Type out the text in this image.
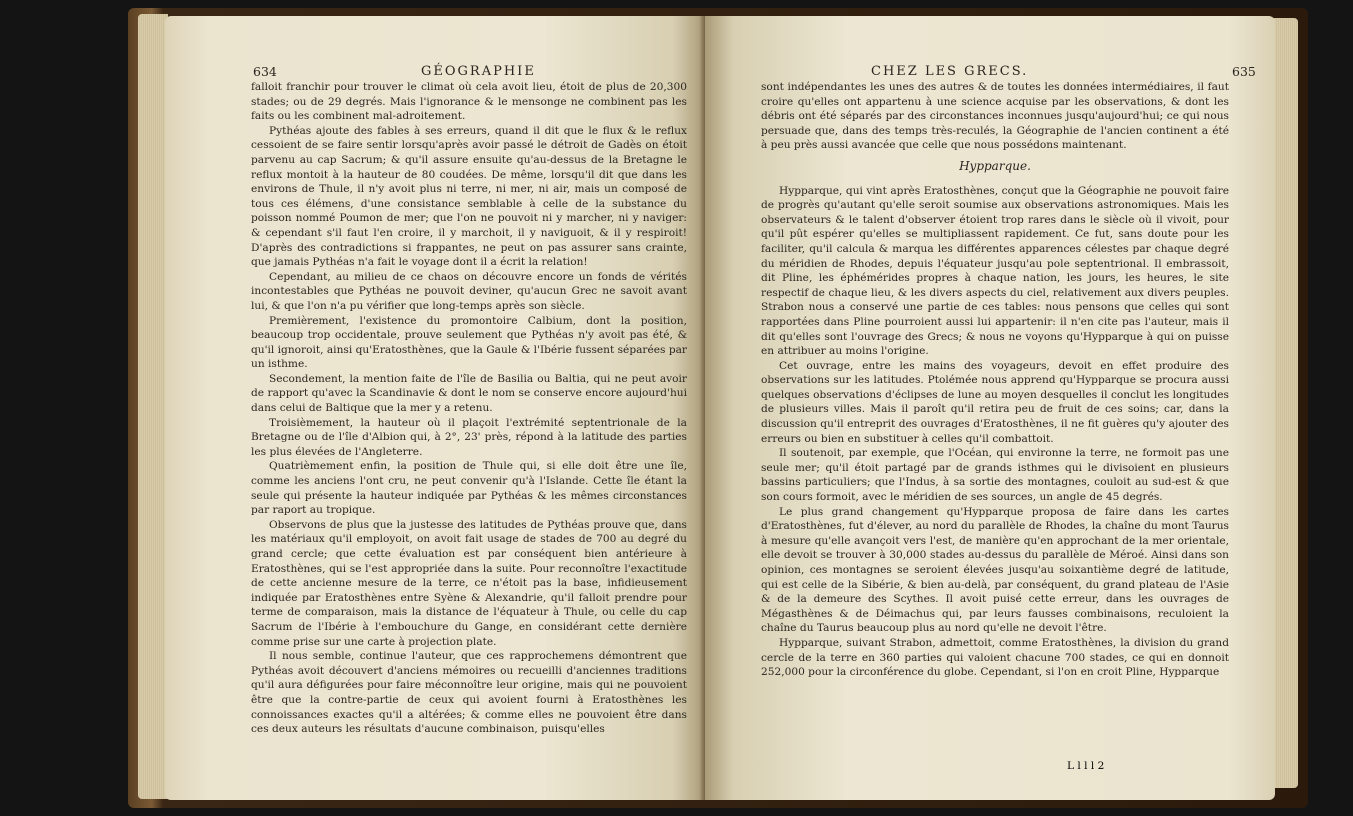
634	GÉOGRAPHIE

falloit franchir pour trouver le climat où cela avoit lieu, étoit de plus de 20,300 stades; ou de 29 degrés. Mais l'ignorance & le mensonge ne combinent pas les faits ou les combinent mal-adroitement.

Pythéas ajoute des fables à ses erreurs, quand il dit que le flux & le reflux cessoient de se faire sentir lorsqu'après avoir passé le détroit de Gadès on étoit parvenu au cap Sacrum; & qu'il assure ensuite qu'au-dessus de la Bretagne le reflux montoit à la hauteur de 80 coudées. De même, lorsqu'il dit que dans les environs de Thule, il n'y avoit plus ni terre, ni mer, ni air, mais un composé de tous ces élémens, d'une consistance semblable à celle de la substance du poisson nommé Poumon de mer; que l'on ne pouvoit ni y marcher, ni y naviger: & cependant s'il faut l'en croire, il y marchoit, il y naviguoit, & il y respiroit! D'après des contradictions si frappantes, ne peut on pas assurer sans crainte, que jamais Pythéas n'a fait le voyage dont il a écrit la relation!

Cependant, au milieu de ce chaos on découvre encore un fonds de vérités incontestables que Pythéas ne pouvoit deviner, qu'aucun Grec ne savoit avant lui, & que l'on n'a pu vérifier que long-temps après son siècle.

Premièrement, l'existence du promontoire Calbium, dont la position, beaucoup trop occidentale, prouve seulement que Pythéas n'y avoit pas été, & qu'il ignoroit, ainsi qu'Eratosthènes, que la Gaule & l'Ibérie fussent séparées par un isthme.

Secondement, la mention faite de l'île de Basilia ou Baltia, qui ne peut avoir de rapport qu'avec la Scandinavie & dont le nom se conserve encore aujourd'hui dans celui de Baltique que la mer y a retenu.

Troisièmement, la hauteur où il plaçoit l'extrémité septentrionale de la Bretagne ou de l'île d'Albion qui, à 2°, 23' près, répond à la latitude des parties les plus élevées de l'Angleterre.

Quatrièmement enfin, la position de Thule qui, si elle doit être une île, comme les anciens l'ont cru, ne peut convenir qu'à l'Islande. Cette île étant la seule qui présente la hauteur indiquée par Pythéas & les mêmes circonstances par raport au tropique.

Observons de plus que la justesse des latitudes de Pythéas prouve que, dans les matériaux qu'il employoit, on avoit fait usage de stades de 700 au degré du grand cercle; que cette évaluation est par conséquent bien antérieure à Eratosthènes, qui se l'est appropriée dans la suite. Pour reconnoître l'exactitude de cette ancienne mesure de la terre, ce n'étoit pas la base, infidieusement indiquée par Eratosthènes entre Syène & Alexandrie, qu'il falloit prendre pour terme de comparaison, mais la distance de l'équateur à Thule, ou celle du cap Sacrum de l'Ibérie à l'embouchure du Gange, en considérant cette dernière comme prise sur une carte à projection plate.

Il nous semble, continue l'auteur, que ces rapprochemens démontrent que Pythéas avoit découvert d'anciens mémoires ou recueilli d'anciennes traditions qu'il aura défigurées pour faire méconnoître leur origine, mais qui ne pouvoient être que la contre-partie de ceux qui avoient fourni à Eratosthènes les connoissances exactes qu'il a altérées; & comme elles ne pouvoient être dans ces deux auteurs les résultats d'aucune combinaison, puisqu'elles

CHEZ LES GRECS.	635

sont indépendantes les unes des autres & de toutes les données intermédiaires, il faut croire qu'elles ont appartenu à une science acquise par les observations, & dont les débris ont été séparés par des circonstances inconnues jusqu'aujourd'hui; ce qui nous persuade que, dans des temps très-reculés, la Géographie de l'ancien continent a été à peu près aussi avancée que celle que nous possédons maintenant.

Hypparque.

Hypparque, qui vint après Eratosthènes, conçut que la Géographie ne pouvoit faire de progrès qu'autant qu'elle seroit soumise aux observations astronomiques. Mais les observateurs & le talent d'observer étoient trop rares dans le siècle où il vivoit, pour qu'il pût espérer qu'elles se multipliassent rapidement. Ce fut, sans doute pour les faciliter, qu'il calcula & marqua les différentes apparences célestes par chaque degré du méridien de Rhodes, depuis l'équateur jusqu'au pole septentrional. Il embrassoit, dit Pline, les éphémérides propres à chaque nation, les jours, les heures, le site respectif de chaque lieu, & les divers aspects du ciel, relativement aux divers peuples. Strabon nous a conservé une partie de ces tables: nous pensons que celles qui sont rapportées dans Pline pourroient aussi lui appartenir: il n'en cite pas l'auteur, mais il dit qu'elles sont l'ouvrage des Grecs; & nous ne voyons qu'Hypparque à qui on puisse en attribuer au moins l'origine.

Cet ouvrage, entre les mains des voyageurs, devoit en effet produire des observations sur les latitudes. Ptolémée nous apprend qu'Hypparque se procura aussi quelques observations d'éclipses de lune au moyen desquelles il conclut les longitudes de plusieurs villes. Mais il paroît qu'il retira peu de fruit de ces soins; car, dans la discussion qu'il entreprit des ouvrages d'Eratosthènes, il ne fit guères qu'y ajouter des erreurs ou bien en substituer à celles qu'il combattoit.

Il soutenoit, par exemple, que l'Océan, qui environne la terre, ne formoit pas une seule mer; qu'il étoit partagé par de grands isthmes qui le divisoient en plusieurs bassins particuliers; que l'Indus, à sa sortie des montagnes, couloit au sud-est & que son cours formoit, avec le méridien de ses sources, un angle de 45 degrés.

Le plus grand changement qu'Hypparque proposa de faire dans les cartes d'Eratosthènes, fut d'élever, au nord du parallèle de Rhodes, la chaîne du mont Taurus à mesure qu'elle avançoit vers l'est, de manière qu'en approchant de la mer orientale, elle devoit se trouver à 30,000 stades au-dessus du parallèle de Méroé. Ainsi dans son opinion, ces montagnes se seroient élevées jusqu'au soixantième degré de latitude, qui est celle de la Sibérie, & bien au-delà, par conséquent, du grand plateau de l'Asie & de la demeure des Scythes. Il avoit puisé cette erreur, dans les ouvrages de Mégasthènes & de Déimachus qui, par leurs fausses combinaisons, reculoient la chaîne du Taurus beaucoup plus au nord qu'elle ne devoit l'être.

Hypparque, suivant Strabon, admettoit, comme Eratosthènes, la division du grand cercle de la terre en 360 parties qui valoient chacune 700 stades, ce qui en donnoit 252,000 pour la circonférence du globe. Cependant, si l'on en croit Pline, Hypparque

L l l l 2
